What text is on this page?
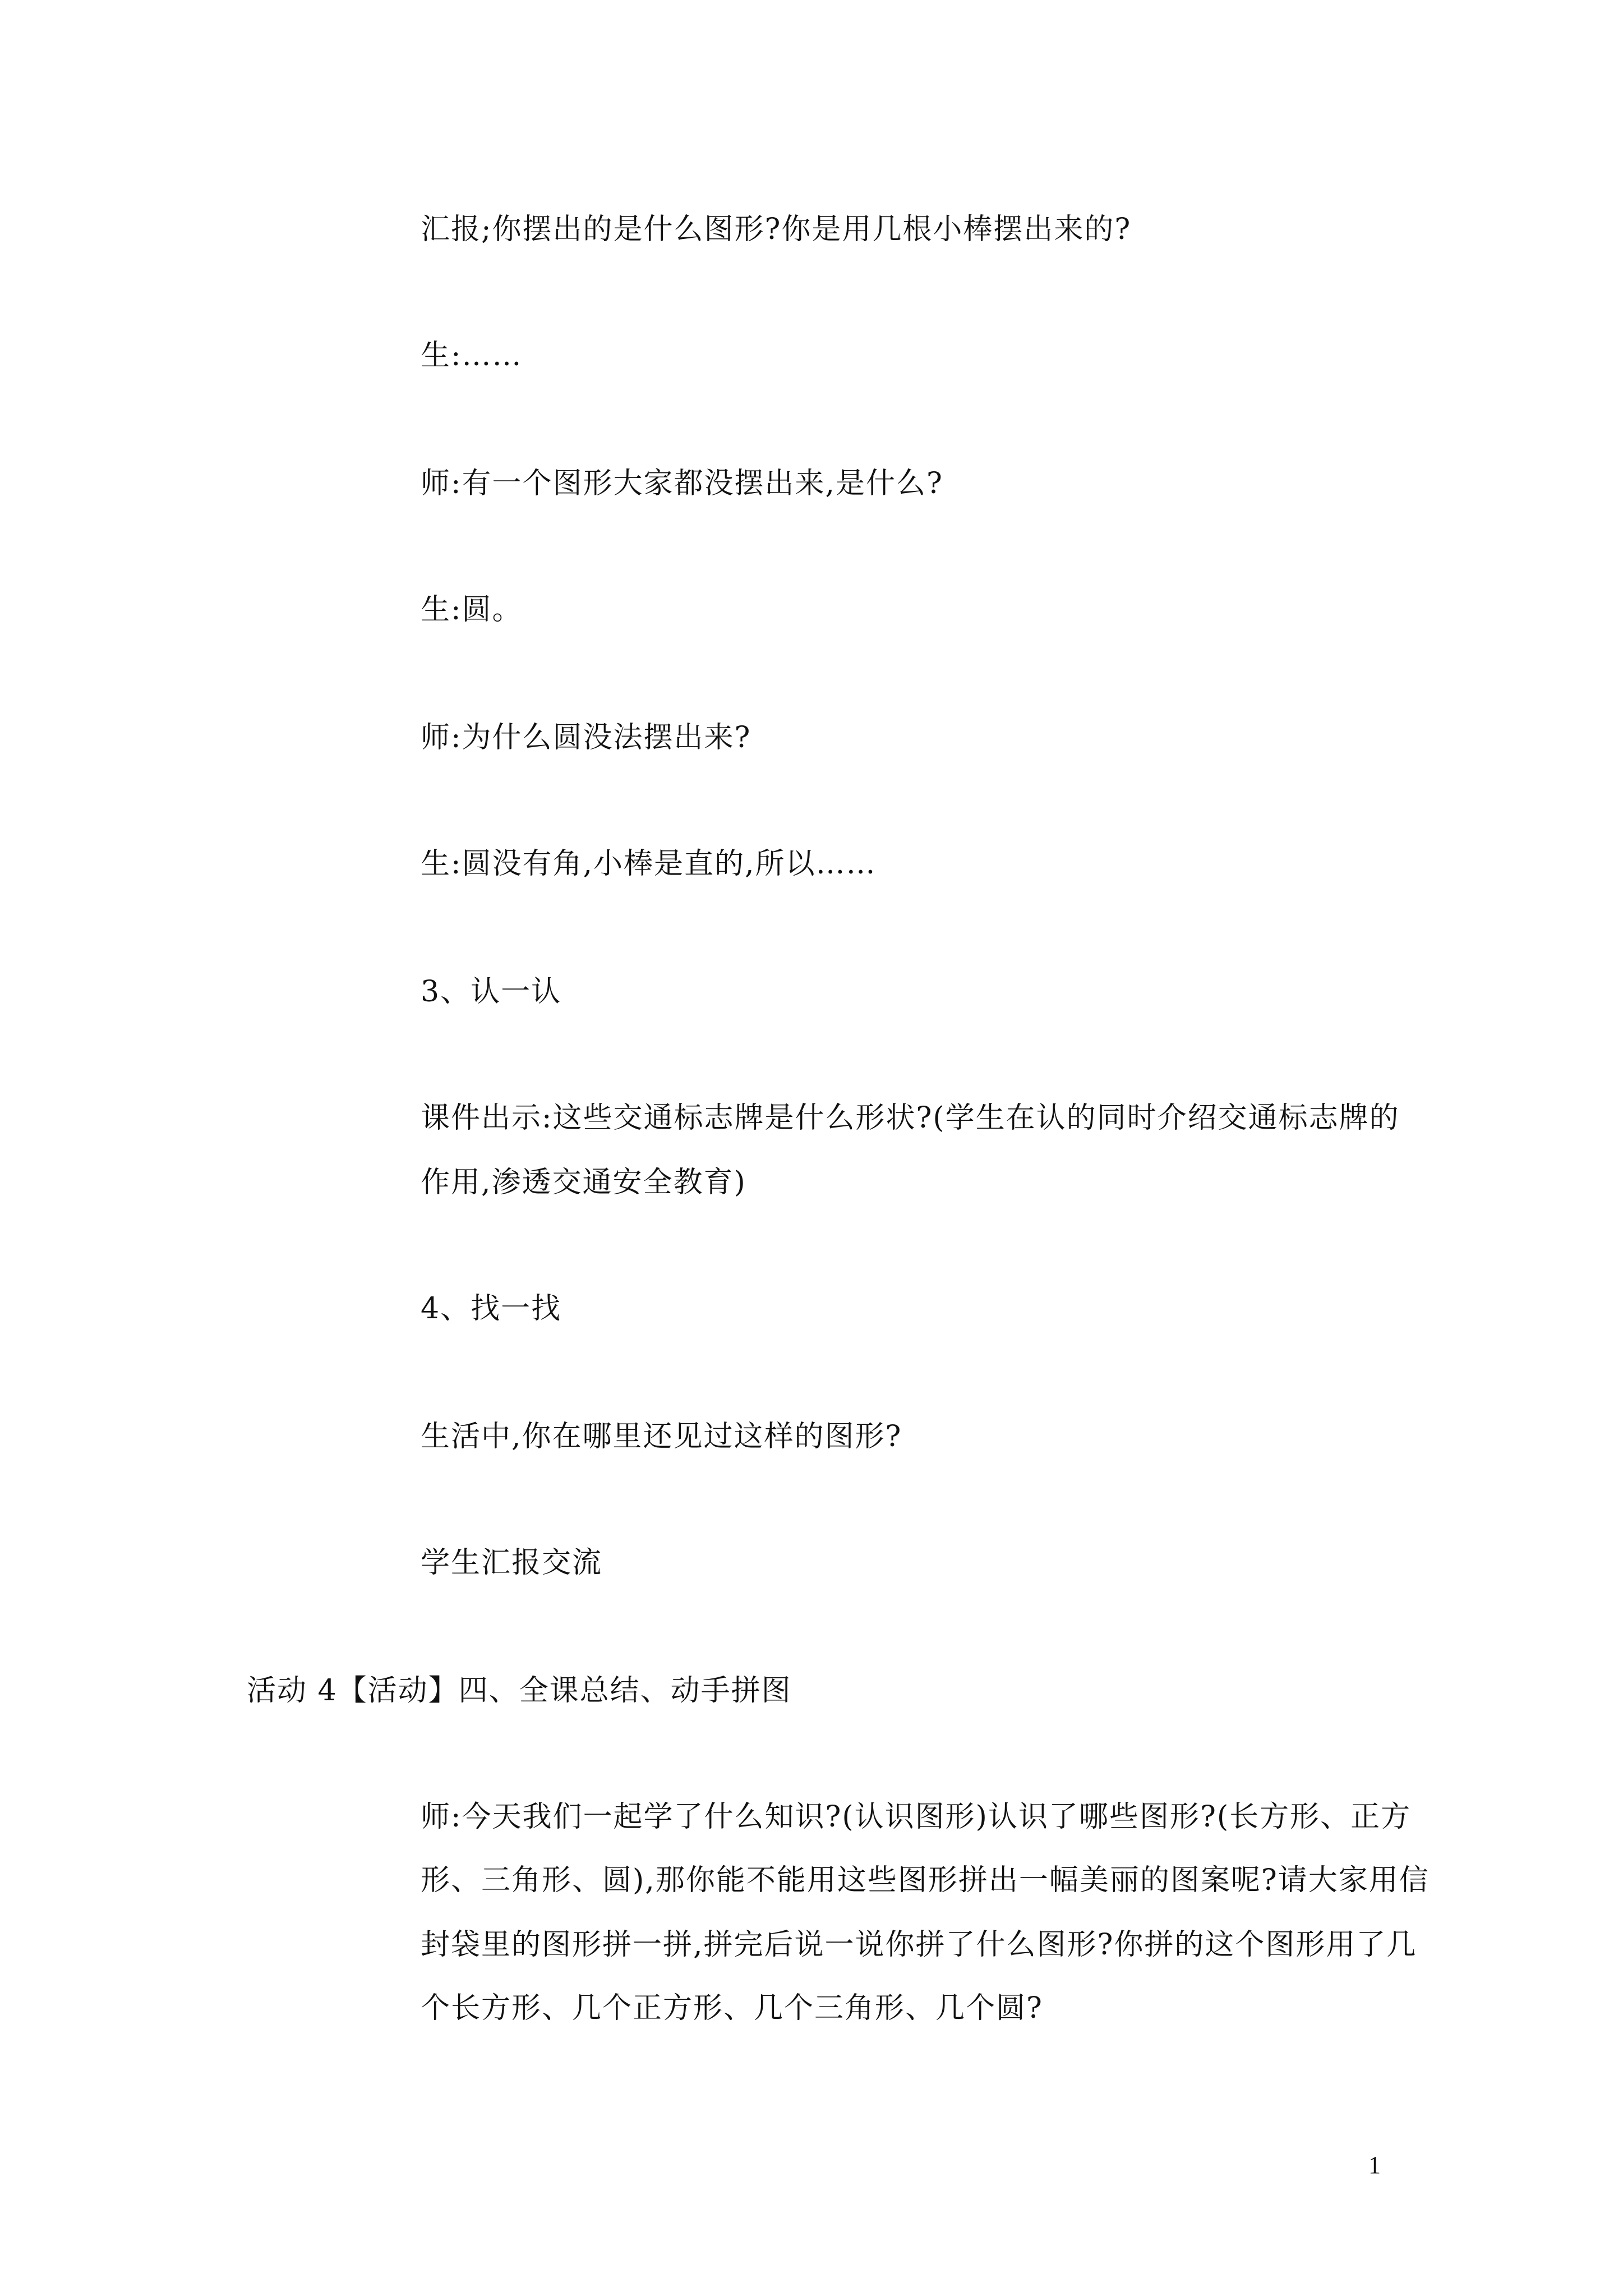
汇报;你摆出的是什么图形?你是用几根小棒摆出来的?
生:……
师:有一个图形大家都没摆出来,是什么?
生:圆。
师:为什么圆没法摆出来?
生:圆没有角,小棒是直的,所以……
3、认一认
课件出示:这些交通标志牌是什么形状?(学生在认的同时介绍交通标志牌的
作用,渗透交通安全教育)
4、找一找
生活中,你在哪里还见过这样的图形?
学生汇报交流
活动 4【活动】四、全课总结、动手拼图
师:今天我们一起学了什么知识?(认识图形)认识了哪些图形?(长方形、正方
形、三角形、圆),那你能不能用这些图形拼出一幅美丽的图案呢?请大家用信
封袋里的图形拼一拼,拼完后说一说你拼了什么图形?你拼的这个图形用了几
个长方形、几个正方形、几个三角形、几个圆?
1
